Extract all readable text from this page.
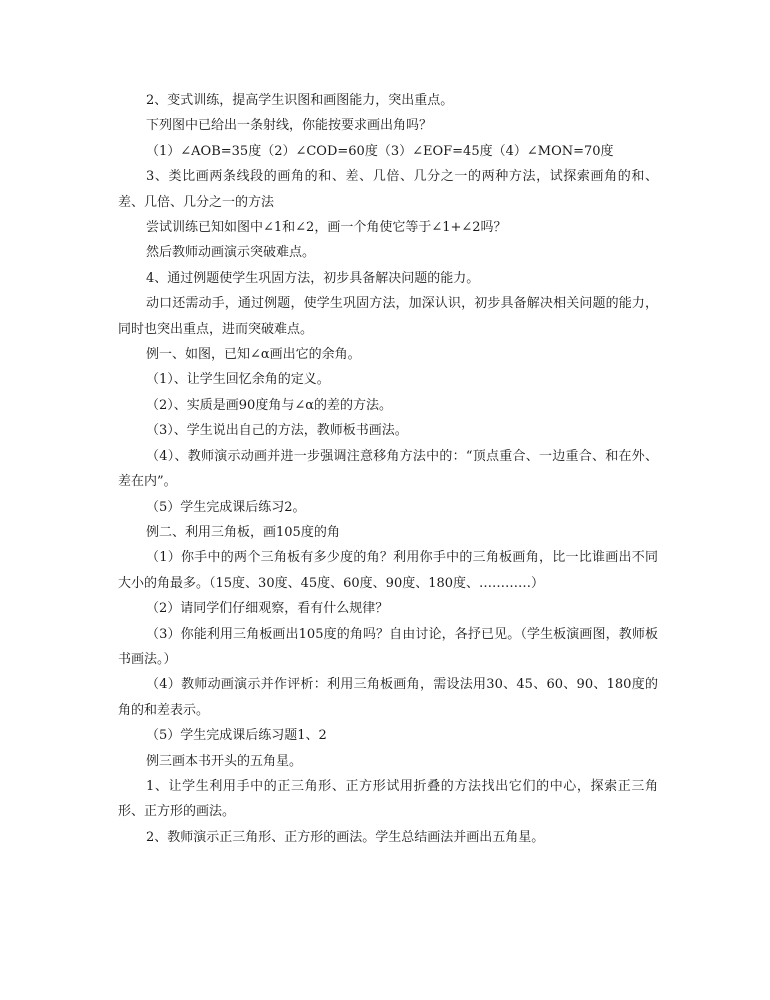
2、变式训练，提高学生识图和画图能力，突出重点。

下列图中已给出一条射线，你能按要求画出角吗？

（1）∠AOB=35度（2）∠COD=60度（3）∠EOF=45度（4）∠MON=70度

3、类比画两条线段的画角的和、差、几倍、几分之一的两种方法，试探索画角的和、差、几倍、几分之一的方法

尝试训练已知如图中∠1和∠2，画一个角使它等于∠1+∠2吗？

然后教师动画演示突破难点。

4、通过例题使学生巩固方法，初步具备解决问题的能力。

动口还需动手，通过例题，使学生巩固方法，加深认识，初步具备解决相关问题的能力，同时也突出重点，进而突破难点。

例一、如图，已知∠α画出它的余角。

（1）、让学生回忆余角的定义。

（2）、实质是画90度角与∠α的差的方法。

（3）、学生说出自己的方法，教师板书画法。

（4）、教师演示动画并进一步强调注意移角方法中的：“顶点重合、一边重合、和在外、差在内”。

（5）学生完成课后练习2。

例二、利用三角板，画105度的角

（1）你手中的两个三角板有多少度的角？利用你手中的三角板画角，比一比谁画出不同大小的角最多。（15度、30度、45度、60度、90度、180度、…………）

（2）请同学们仔细观察，看有什么规律？

（3）你能利用三角板画出105度的角吗？自由讨论，各抒已见。（学生板演画图，教师板书画法。）

（4）教师动画演示并作评析：利用三角板画角，需设法用30、45、60、90、180度的角的和差表示。

（5）学生完成课后练习题1、2

例三画本书开头的五角星。

1、让学生利用手中的正三角形、正方形试用折叠的方法找出它们的中心，探索正三角形、正方形的画法。

2、教师演示正三角形、正方形的画法。学生总结画法并画出五角星。
